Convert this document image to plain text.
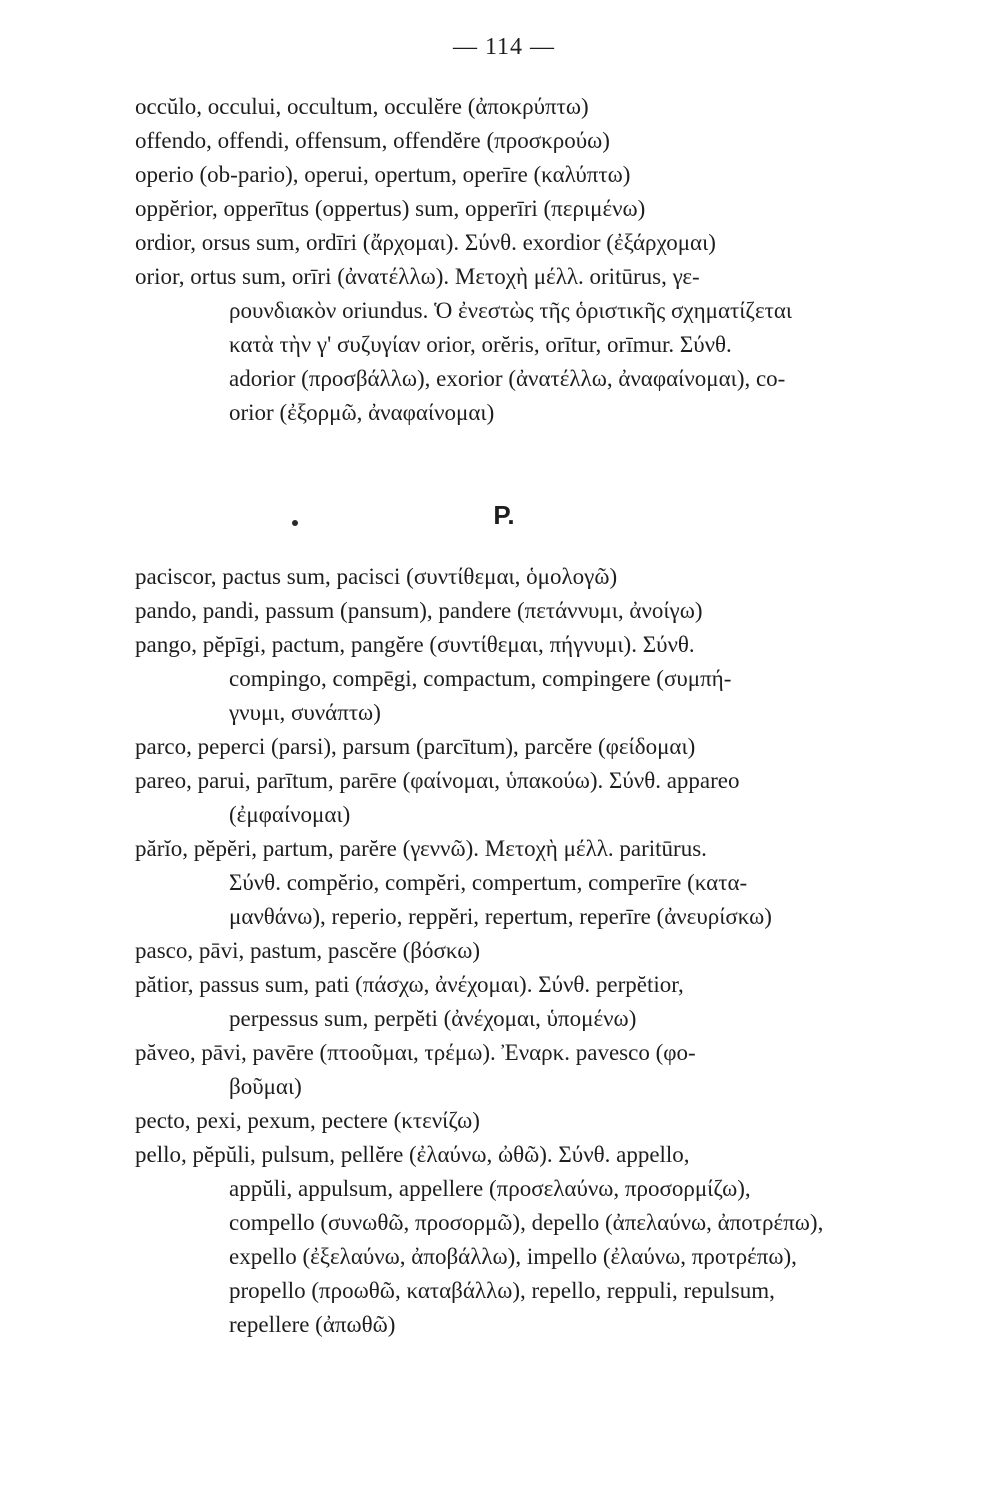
— 114 —
occŭlo, occului, occultum, occulĕre (ἀποκρύπτω)
offendo, offendi, offensum, offendĕre (προσκρούω)
operio (ob-pario), operui, opertum, operīre (καλύπτω)
oppĕrior, opperītus (oppertus) sum, opperīri (περιμένω)
ordior, orsus sum, ordīri (ἄρχομαι). Σύνθ. exordior (ἐξάρχομαι)
orior, ortus sum, orīri (ἀνατέλλω). Μετοχὴ μέλλ. oritūrus, γε-
ρουνδιακὸν oriundus. Ὁ ἐνεστὼς τῆς ὁριστικῆς σχηματίζεται
κατὰ τὴν γ' συζυγίαν orior, orĕris, orītur, orīmur. Σύνθ.
adorior (προσβάλλω), exorior (ἀνατέλλω, ἀναφαίνομαι), co-
orior (ἐξορμῶ, ἀναφαίνομαι)
P.
paciscor, pactus sum, pacisci (συντίθεμαι, ὁμολογῶ)
pando, pandi, passum (pansum), pandere (πετάννυμι, ἀνοίγω)
pango, pĕpīgi, pactum, pangĕre (συντίθεμαι, πήγνυμι). Σύνθ.
compingo, compēgi, compactum, compingere (συμπή-
γνυμι, συνάπτω)
parco, peperci (parsi), parsum (parcītum), parcĕre (φείδομαι)
pareo, parui, parītum, parēre (φαίνομαι, ὑπακούω). Σύνθ. appareo
(ἐμφαίνομαι)
părĭo, pĕpĕri, partum, parĕre (γεννῶ). Μετοχὴ μέλλ. paritūrus.
Σύνθ. compĕrio, compĕri, compertum, comperīre (κατα-
μανθάνω), reperio, reppĕri, repertum, reperīre (ἀνευρίσκω)
pasco, pāvi, pastum, pascĕre (βόσκω)
pătior, passus sum, pati (πάσχω, ἀνέχομαι). Σύνθ. perpĕtior,
perpessus sum, perpĕti (ἀνέχομαι, ὑπομένω)
păveo, pāvi, pavēre (πτοοῦμαι, τρέμω). Ἐναρκ. pavesco (φο-
βοῦμαι)
pecto, pexi, pexum, pectere (κτενίζω)
pello, pĕpŭli, pulsum, pellĕre (ἐλαύνω, ὠθῶ). Σύνθ. appello,
appŭli, appulsum, appellere (προσελαύνω, προσορμίζω),
compello (συνωθῶ, προσορμῶ), depello (ἀπελαύνω, ἀποτρέπω),
expello (ἐξελαύνω, ἀποβάλλω), impello (ἐλαύνω, προτρέπω),
propello (προωθῶ, καταβάλλω), repello, reppuli, repulsum,
repellere (ἀπωθῶ)
